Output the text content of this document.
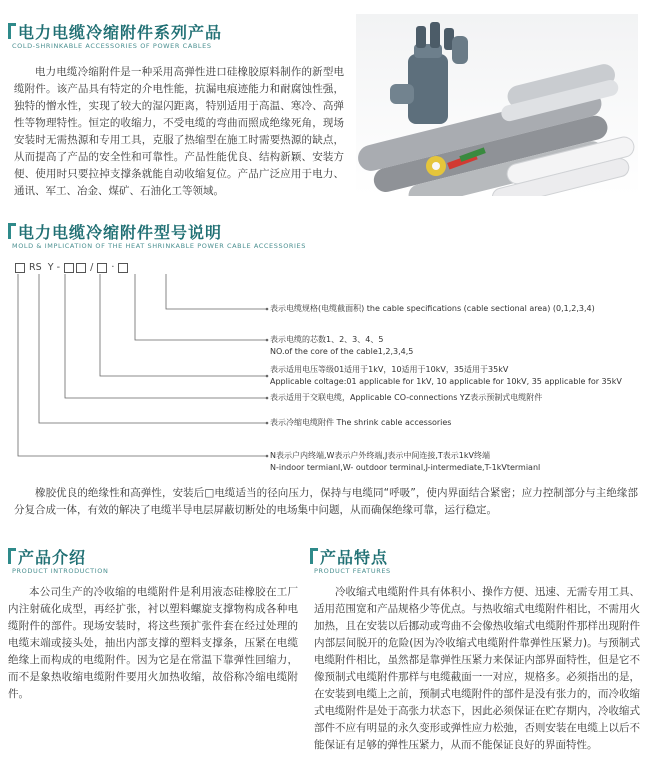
电力电缆冷缩附件系列产品
COLD-SHRINKABLE ACCESSORIES OF POWER CABLES
电力电缆冷缩附件是一种采用高弹性进口硅橡胶原料制作的新型电缆附件。该产品具有特定的介电性能，抗漏电痕迹能力和耐腐蚀性强，独特的憎水性，实现了较大的湿闪距离，特别适用于高温、寒冷、高弹性等物理特性。恒定的收缩力，不受电缆的弯曲而照成绝缘死角，现场安装时无需热源和专用工具，克服了热缩型在施工时需要热源的缺点，从而提高了产品的安全性和可靠性。产品性能优良、结构新颖、安装方便、使用时只要拉掉支撑条就能自动收缩复位。产品广泛应用于电力、通讯、军工、冶金、煤矿、石油化工等领域。
电力电缆冷缩附件型号说明
MOLD & IMPLICATION OF THE HEAT SHRINKABLE POWER CABLE ACCESSORIES
RS Y -	/ ·
表示电缆规格(电缆截面积) the cable specifications (cable sectional area) (0,1,2,3,4)
表示电缆的芯数1、2、3、4、5
NO.of the core of the cable1,2,3,4,5
表示适用电压等级01适用于1kV，10适用于10kV，35适用于35kV
Applicable coltage:01 applicable for 1kV, 10 applicable for 10kV, 35 applicable for 35kV
表示适用于交联电缆，Applicable CO-connections YZ表示预制式电缆附件
表示冷缩电缆附件 The shrink cable accessories
N表示户内终端,W表示户外终端,J表示中间连接,T表示1kV终端
N-indoor termianl,W- outdoor terminal,J-intermediate,T-1kVtermianl
橡胶优良的绝缘性和高弹性，安装后□电缆适当的径向压力，保持与电缆同“呼吸”，使内界面结合紧密；应力控制部分与主绝缘部分复合成一体，有效的解决了电缆半导电层屏蔽切断处的电场集中问题，从而确保绝缘可靠，运行稳定。
产品介绍
PRODUCT INTRODUCTION
本公司生产的冷收缩的电缆附件是利用液态硅橡胶在工厂内注射硫化成型，再经扩张，衬以塑料螺旋支撑物构成各种电缆附件的部件。现场安装时，将这些预扩张件套在经过处理的电缆末端或接头处，抽出内部支撑的塑料支撑条，压紧在电缆绝缘上而构成的电缆附件。因为它是在常温下靠弹性回缩力，而不是象热收缩电缆附件要用火加热收缩，故俗称冷缩电缆附件。
产品特点
PRODUCT FEATURES
冷收缩式电缆附件具有体积小、操作方便、迅速、无需专用工具、适用范围宽和产品规格少等优点。与热收缩式电缆附件相比，不需用火加热，且在安装以后挪动或弯曲不会像热收缩式电缆附件那样出现附件内部层间脱开的危险(因为冷收缩式电缆附件靠弹性压紧力)。与预制式电缆附件相比，虽然都是靠弹性压紧力来保证内部界面特性，但是它不像预制式电缆附件那样与电缆截面一一对应，规格多。必须指出的是，在安装到电缆上之前，预制式电缆附件的部件是没有张力的，而冷收缩式电缆附件是处于高张力状态下，因此必须保证在贮存期内，冷收缩式部件不应有明显的永久变形或弹性应力松弛，否则安装在电缆上以后不能保证有足够的弹性压紧力，从而不能保证良好的界面特性。
